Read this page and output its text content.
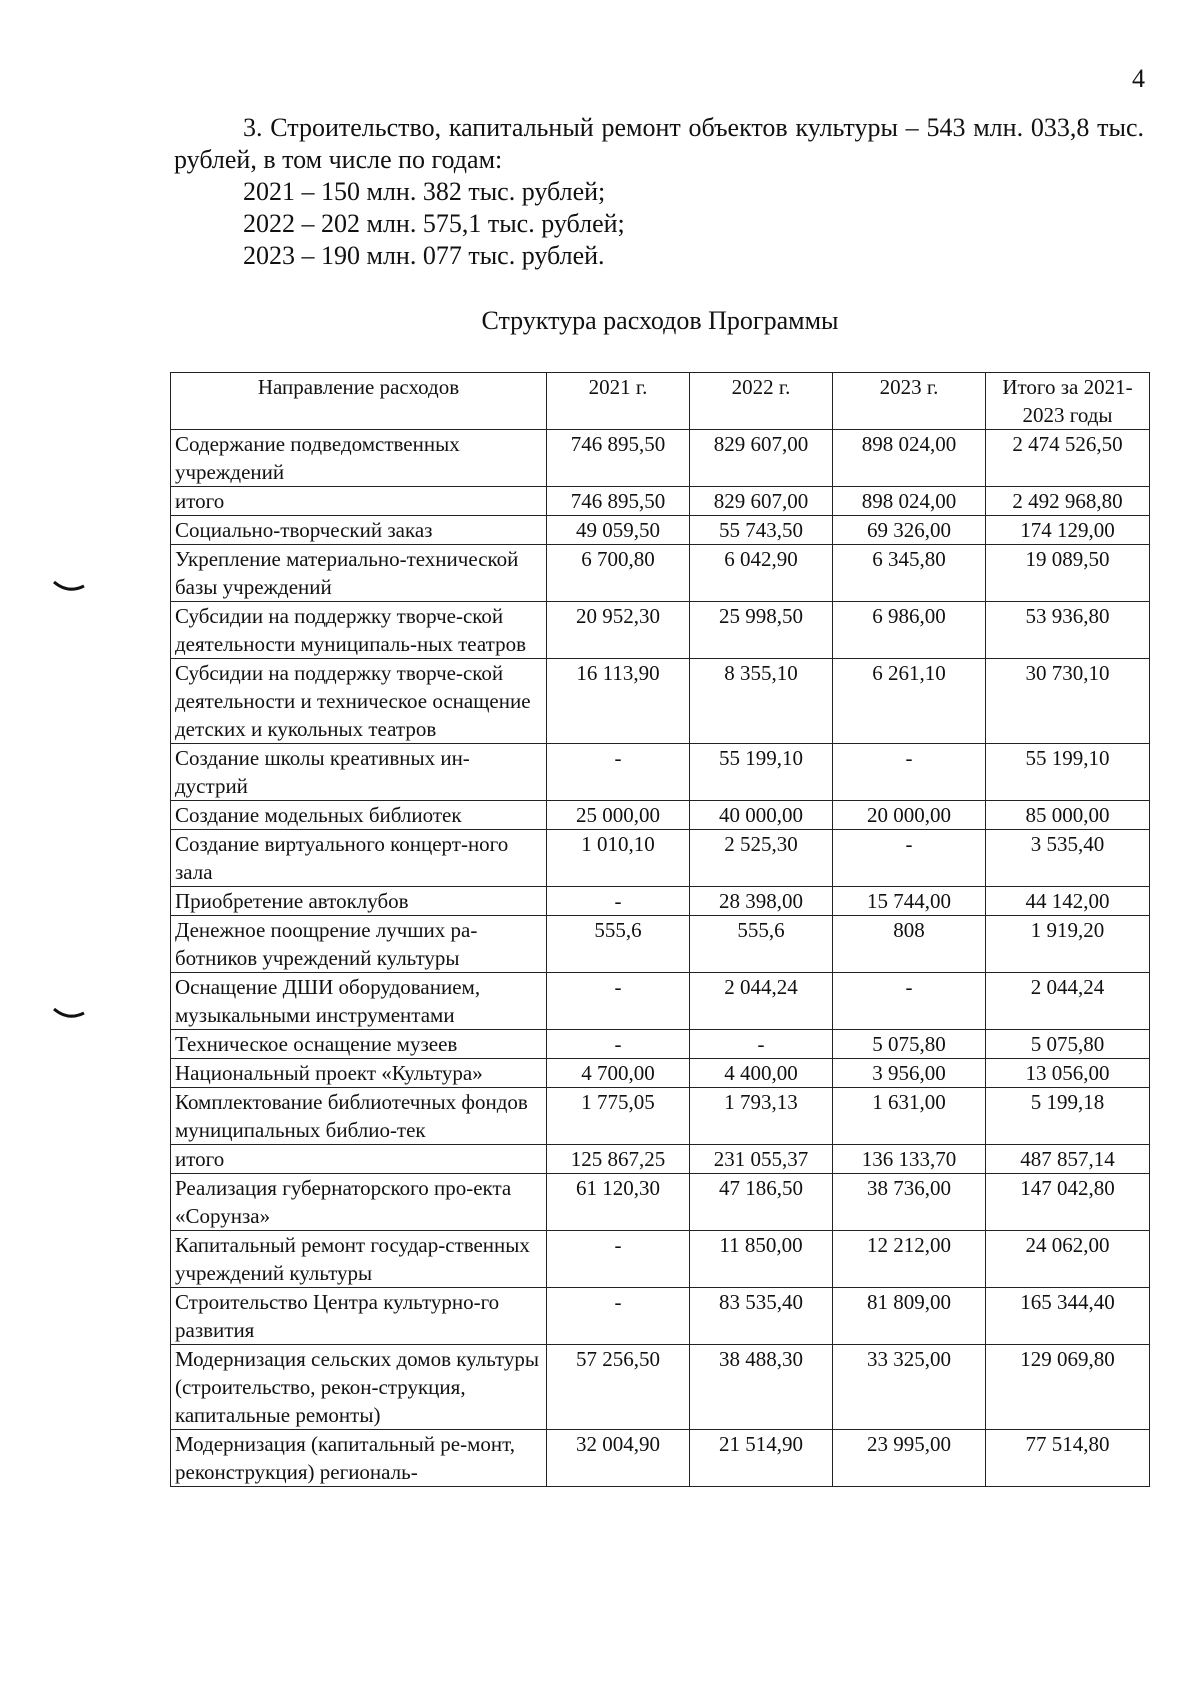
4

3. Строительство, капитальный ремонт объектов культуры – 543 млн. 033,8 тыс. рублей, в том числе по годам:

2021 – 150 млн. 382 тыс. рублей;

2022 – 202 млн. 575,1 тыс. рублей;

2023 – 190 млн. 077 тыс. рублей.

Структура расходов Программы
Направление расходов	2021 г.	2022 г.	2023 г.	Итого за 2021-2023 годы
Содержание подведомственных учреждений	746 895,50	829 607,00	898 024,00	2 474 526,50
итого	746 895,50	829 607,00	898 024,00	2 492 968,80
Социально-творческий заказ	49 059,50	55 743,50	69 326,00	174 129,00
Укрепление материально-технической базы учреждений	6 700,80	6 042,90	6 345,80	19 089,50
Субсидии на поддержку творче-ской деятельности муниципаль-ных театров	20 952,30	25 998,50	6 986,00	53 936,80
Субсидии на поддержку творче-ской деятельности и техническое оснащение детских и кукольных театров	16 113,90	8 355,10	6 261,10	30 730,10
Создание школы креативных ин-дустрий	-	55 199,10	-	55 199,10
Создание модельных библиотек	25 000,00	40 000,00	20 000,00	85 000,00
Создание виртуального концерт-ного зала	1 010,10	2 525,30	-	3 535,40
Приобретение автоклубов	-	28 398,00	15 744,00	44 142,00
Денежное поощрение лучших ра-ботников учреждений культуры	555,6	555,6	808	1 919,20
Оснащение ДШИ оборудованием, музыкальными инструментами	-	2 044,24	-	2 044,24
Техническое оснащение музеев	-	-	5 075,80	5 075,80
Национальный проект «Культура»	4 700,00	4 400,00	3 956,00	13 056,00
Комплектование библиотечных фондов муниципальных библио-тек	1 775,05	1 793,13	1 631,00	5 199,18
итого	125 867,25	231 055,37	136 133,70	487 857,14
Реализация губернаторского про-екта «Сорунза»	61 120,30	47 186,50	38 736,00	147 042,80
Капитальный ремонт государ-ственных учреждений культуры	-	11 850,00	12 212,00	24 062,00
Строительство Центра культурно-го развития	-	83 535,40	81 809,00	165 344,40
Модернизация сельских домов культуры (строительство, рекон-струкция, капитальные ремонты)	57 256,50	38 488,30	33 325,00	129 069,80
Модернизация (капитальный ре-монт, реконструкция) региональ-	32 004,90	21 514,90	23 995,00	77 514,80
